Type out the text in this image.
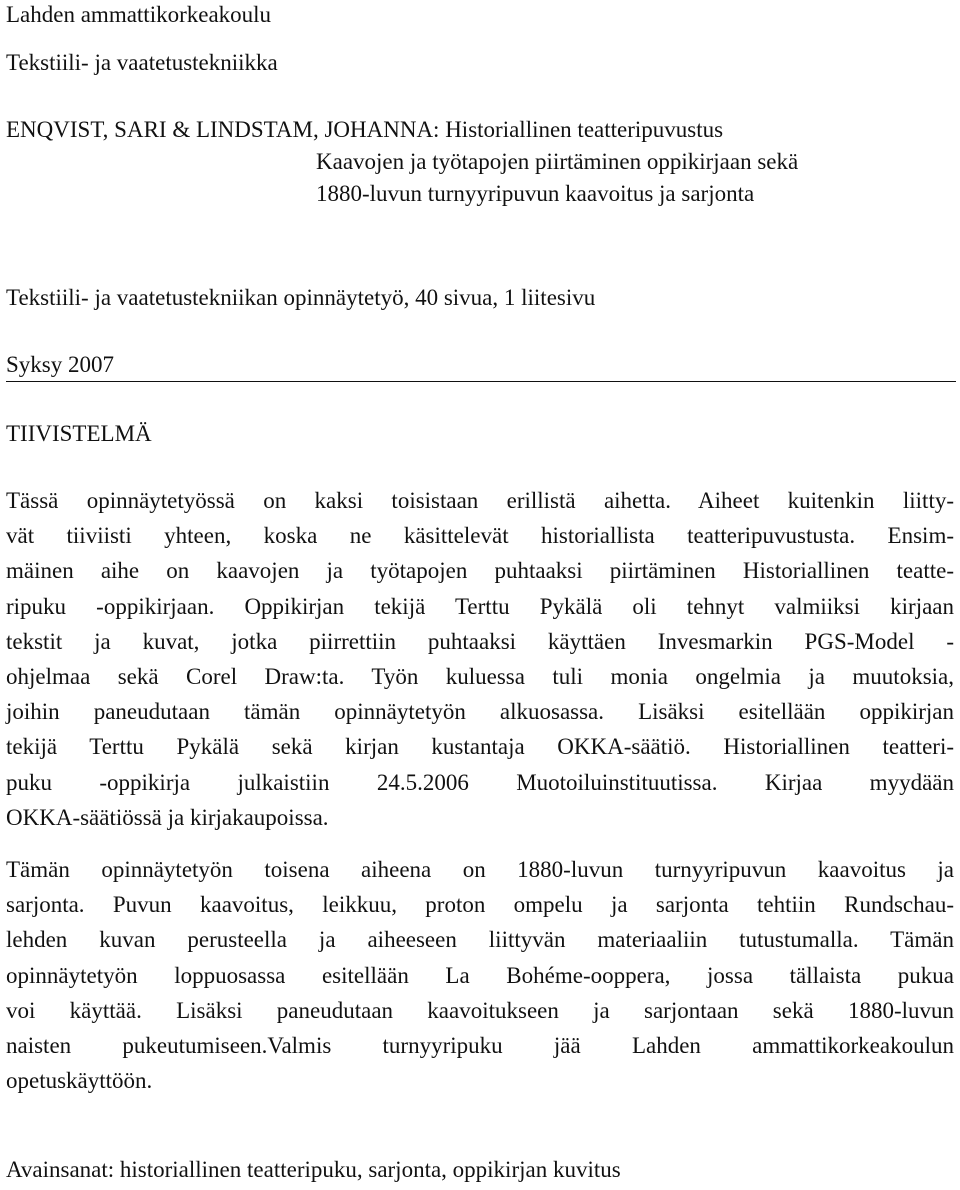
Lahden ammattikorkeakoulu
Tekstiili- ja vaatetustekniikka

ENQVIST, SARI & LINDSTAM, JOHANNA: Historiallinen teatteripuvustus

Kaavojen ja työtapojen piirtäminen oppikirjaan sekä

1880-luvun turnyyripuvun kaavoitus ja sarjonta

Tekstiili- ja vaatetustekniikan opinnäytetyö, 40 sivua, 1 liitesivu
Syksy 2007
TIIVISTELMÄ

Tässä opinnäytetyössä on kaksi toisistaan erillistä aihetta. Aiheet kuitenkin liitty-

vät tiiviisti yhteen, koska ne käsittelevät historiallista teatteripuvustusta. Ensim-

mäinen aihe on kaavojen ja työtapojen puhtaaksi piirtäminen Historiallinen teatte-

ripuku -oppikirjaan. Oppikirjan tekijä Terttu Pykälä oli tehnyt valmiiksi kirjaan

tekstit ja kuvat, jotka piirrettiin puhtaaksi käyttäen Invesmarkin PGS-Model -

ohjelmaa sekä Corel Draw:ta. Työn kuluessa tuli monia ongelmia ja muutoksia,

joihin paneudutaan tämän opinnäytetyön alkuosassa. Lisäksi esitellään oppikirjan

tekijä Terttu Pykälä sekä kirjan kustantaja OKKA-säätiö. Historiallinen teatteri-

puku -oppikirja julkaistiin 24.5.2006 Muotoiluinstituutissa. Kirjaa myydään

OKKA-säätiössä ja kirjakaupoissa.

Tämän opinnäytetyön toisena aiheena on 1880-luvun turnyyripuvun kaavoitus ja

sarjonta. Puvun kaavoitus, leikkuu, proton ompelu ja sarjonta tehtiin Rundschau-

lehden kuvan perusteella ja aiheeseen liittyvän materiaaliin tutustumalla. Tämän

opinnäytetyön loppuosassa esitellään La Bohéme-ooppera, jossa tällaista pukua

voi käyttää. Lisäksi paneudutaan kaavoitukseen ja sarjontaan sekä 1880-luvun

naisten pukeutumiseen.Valmis turnyyripuku jää Lahden ammattikorkeakoulun

opetuskäyttöön.

Avainsanat: historiallinen teatteripuku, sarjonta, oppikirjan kuvitus
